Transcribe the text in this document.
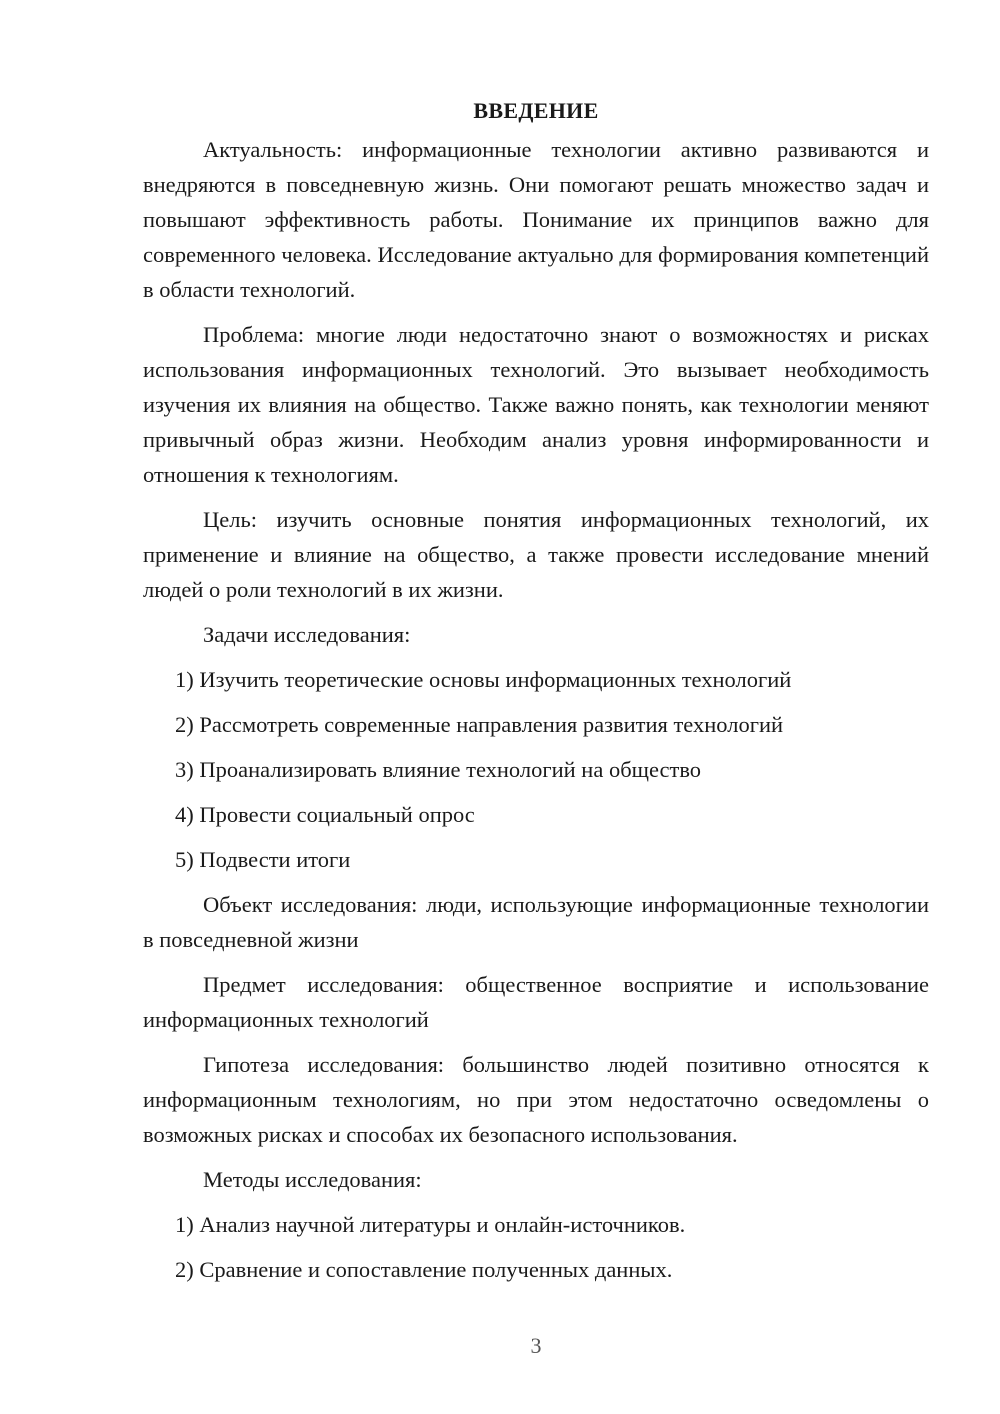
ВВЕДЕНИЕ

Актуальность: информационные технологии активно развиваются и внедряются в повседневную жизнь. Они помогают решать множество задач и повышают эффективность работы. Понимание их принципов важно для современного человека. Исследование актуально для формирования компетенций в области технологий.

Проблема: многие люди недостаточно знают о возможностях и рисках использования информационных технологий. Это вызывает необходимость изучения их влияния на общество. Также важно понять, как технологии меняют привычный образ жизни. Необходим анализ уровня информированности и отношения к технологиям.

Цель: изучить основные понятия информационных технологий, их применение и влияние на общество, а также провести исследование мнений людей о роли технологий в их жизни.

Задачи исследования:

1) Изучить теоретические основы информационных технологий
2) Рассмотреть современные направления развития технологий
3) Проанализировать влияние технологий на общество
4) Провести социальный опрос
5) Подвести итоги

Объект исследования: люди, использующие информационные технологии в повседневной жизни

Предмет исследования: общественное восприятие и использование информационных технологий

Гипотеза исследования: большинство людей позитивно относятся к информационным технологиям, но при этом недостаточно осведомлены о возможных рисках и способах их безопасного использования.

Методы исследования:

1) Анализ научной литературы и онлайн-источников.
2) Сравнение и сопоставление полученных данных.
3
